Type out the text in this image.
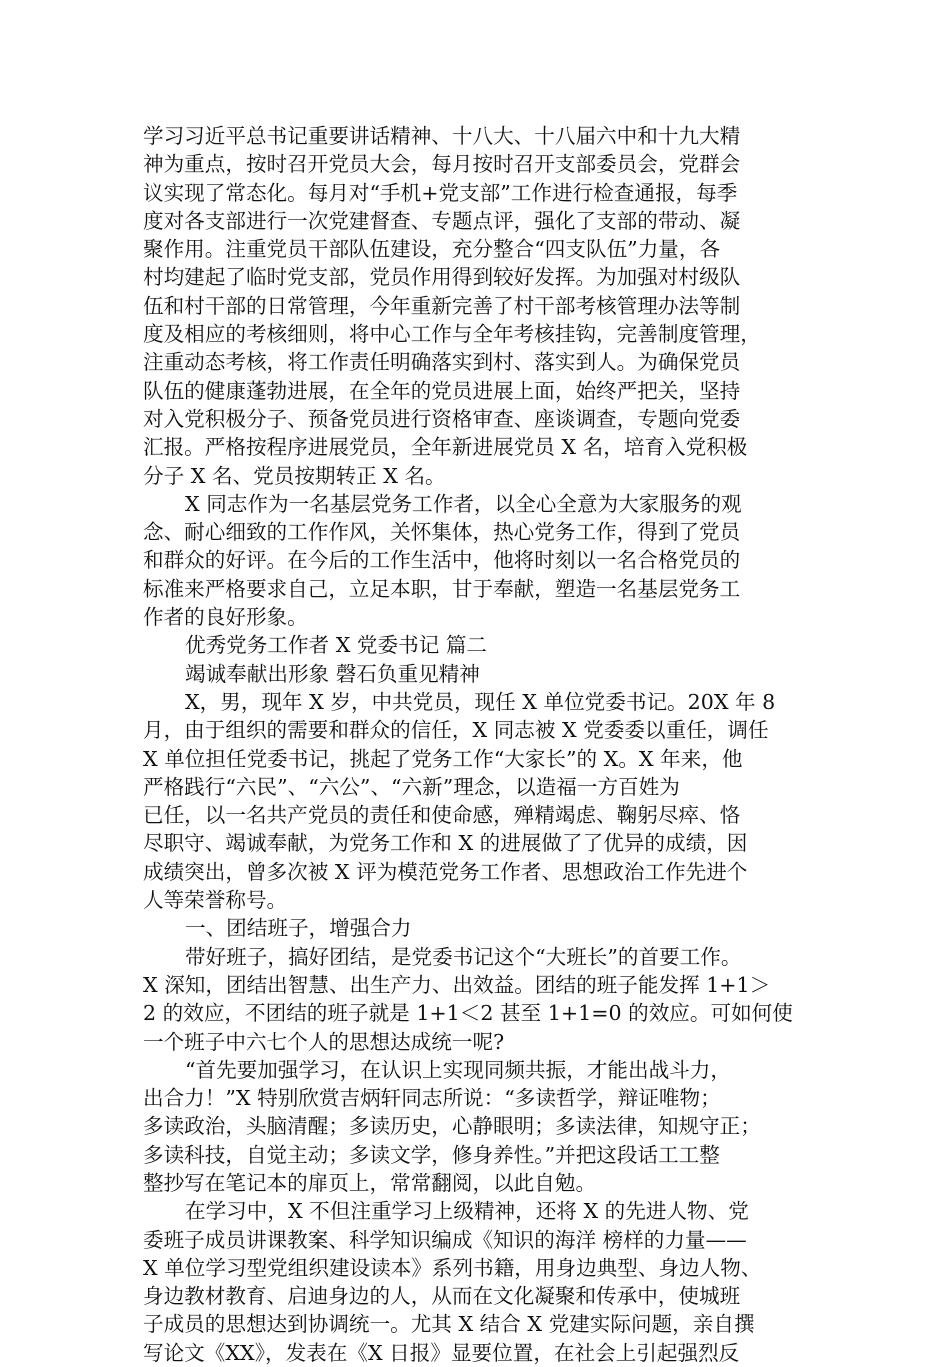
学习习近平总书记重要讲话精神、十八大、十八届六中和十九大精
神为重点，按时召开党员大会，每月按时召开支部委员会，党群会
议实现了常态化。每月对“手机+党支部”工作进行检查通报，每季
度对各支部进行一次党建督查、专题点评，强化了支部的带动、凝
聚作用。注重党员干部队伍建设，充分整合“四支队伍”力量，各
村均建起了临时党支部，党员作用得到较好发挥。为加强对村级队
伍和村干部的日常管理，今年重新完善了村干部考核管理办法等制
度及相应的考核细则，将中心工作与全年考核挂钩，完善制度管理，
注重动态考核，将工作责任明确落实到村、落实到人。为确保党员
队伍的健康蓬勃进展，在全年的党员进展上面，始终严把关，坚持
对入党积极分子、预备党员进行资格审查、座谈调查，专题向党委
汇报。严格按程序进展党员，全年新进展党员 X 名，培育入党积极
分子 X 名、党员按期转正 X 名。
X 同志作为一名基层党务工作者，以全心全意为大家服务的观
念、耐心细致的工作作风，关怀集体，热心党务工作，得到了党员
和群众的好评。在今后的工作生活中，他将时刻以一名合格党员的
标准来严格要求自己，立足本职，甘于奉献，塑造一名基层党务工
作者的良好形象。
优秀党务工作者 X 党委书记 篇二
竭诚奉献出形象 磬石负重见精神
X，男，现年 X 岁，中共党员，现任 X 单位党委书记。20X 年 8
月，由于组织的需要和群众的信任，X 同志被 X 党委委以重任，调任
X 单位担任党委书记，挑起了党务工作“大家长”的 X。X 年来，他
严格践行“六民”、“六公”、“六新”理念，以造福一方百姓为
已任，以一名共产党员的责任和使命感，殚精竭虑、鞠躬尽瘁、恪
尽职守、竭诚奉献，为党务工作和 X 的进展做了了优异的成绩，因
成绩突出，曾多次被 X 评为模范党务工作者、思想政治工作先进个
人等荣誉称号。
一、团结班子，增强合力
带好班子，搞好团结，是党委书记这个“大班长”的首要工作。
X 深知，团结出智慧、出生产力、出效益。团结的班子能发挥 1+1＞
2 的效应，不团结的班子就是 1+1＜2 甚至 1+1=0 的效应。可如何使
一个班子中六七个人的思想达成统一呢?
“首先要加强学习，在认识上实现同频共振，才能出战斗力，
出合力！”X 特别欣赏吉炳轩同志所说：“多读哲学，辩证唯物；
多读政治，头脑清醒；多读历史，心静眼明；多读法律，知规守正；
多读科技，自觉主动；多读文学，修身养性。”并把这段话工工整
整抄写在笔记本的扉页上，常常翻阅，以此自勉。
在学习中，X 不但注重学习上级精神，还将 X 的先进人物、党
委班子成员讲课教案、科学知识编成《知识的海洋 榜样的力量——
X 单位学习型党组织建设读本》系列书籍，用身边典型、身边人物、
身边教材教育、启迪身边的人，从而在文化凝聚和传承中，使城班
子成员的思想达到协调统一。尤其 X 结合 X 党建实际问题，亲自撰
写论文《XX》，发表在《X 日报》显要位置，在社会上引起强烈反
